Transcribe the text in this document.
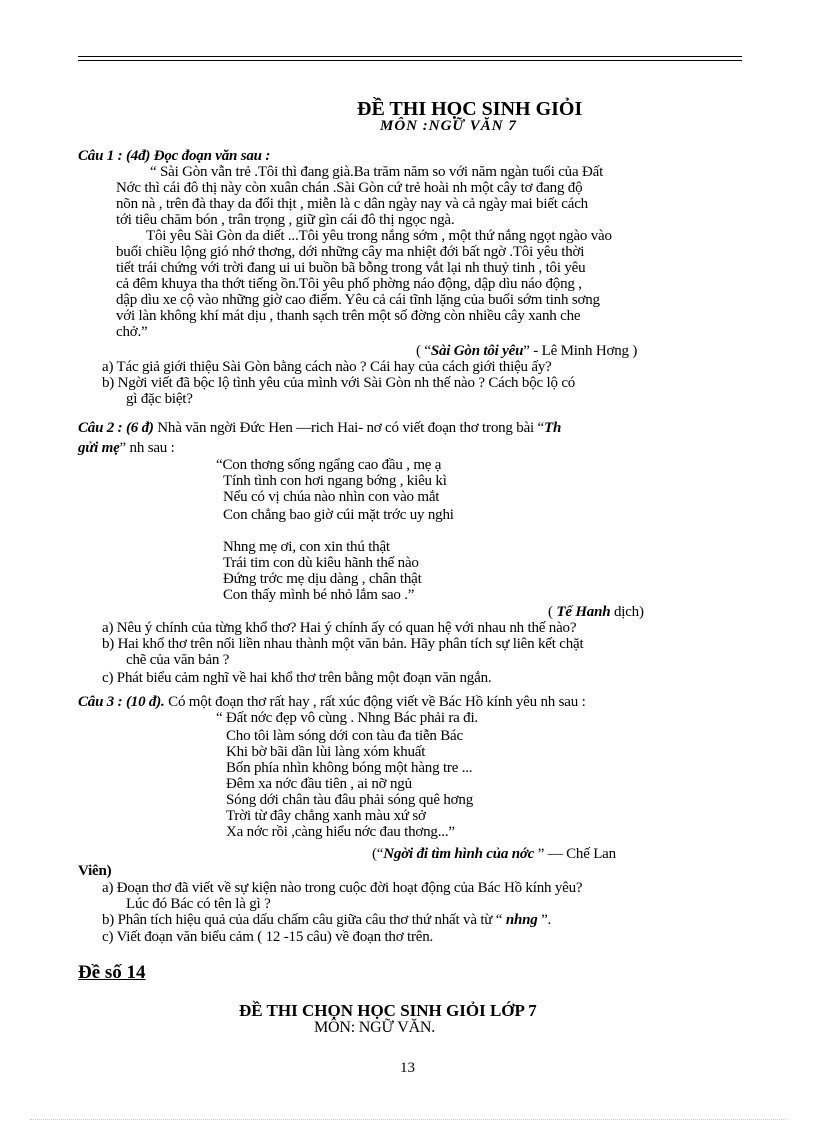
ĐỀ THI HỌC SINH GIỎI
MÔN :NGỮ VĂN 7
Câu 1 : (4đ) Đọc đoạn văn sau :
“ Sài Gòn vẫn trẻ .Tôi thì đang già.Ba trăm năm so với năm ngàn tuổi của Đất
Nớc thì cái đô thị này còn xuân chán .Sài Gòn cứ trẻ hoài nh một cây tơ đang độ
nõn nà , trên đà thay da đổi thịt , miễn là c dân ngày nay và cả ngày mai biết cách
tới tiêu chăm bón , trân trọng , giữ gìn cái đô thị ngọc ngà.
Tôi yêu Sài Gòn da diết ...Tôi yêu trong nắng sớm , một thứ nắng ngọt ngào vào
buổi chiều lộng gió nhớ thơng, dới những cây ma nhiệt đới bất ngờ .Tôi yêu thời
tiết trái chứng với trời đang ui ui buồn bã bỗng trong vắt lại nh thuỷ tinh , tôi yêu
cả đêm khuya tha thớt tiếng ồn.Tôi yêu phố phờng náo động, dập dìu náo động ,
dập dìu xe cộ vào những giờ cao điểm. Yêu cả cái tĩnh lặng của buổi sớm tinh sơng
với làn không khí mát dịu , thanh sạch trên một số đờng còn nhiều cây xanh che
chở.”
( “Sài Gòn tôi yêu” - Lê Minh Hơng )
a) Tác giả giới thiệu Sài Gòn bằng cách nào ? Cái hay của cách giới thiệu ấy?
b) Ngời viết đã bộc lộ tình yêu của mình với Sài Gòn nh thế nào ? Cách bộc lộ có
gì đặc biệt?
Câu 2 : (6 đ) Nhà văn ngời Đức Hen —rich Hai- nơ có viết đoạn thơ trong bài “Th
gửi mẹ” nh sau :
“Con thơng sống ngẩng cao đầu , mẹ ạ
Tính tình con hơi ngang bớng , kiêu kì
Nếu có vị chúa nào nhìn con vào mắt
Con chẳng bao giờ cúi mặt trớc uy nghi
Nhng mẹ ơi, con xin thú thật
Trái tim con dù kiêu hãnh thế nào
Đứng trớc mẹ dịu dàng , chân thật
Con thấy mình bé nhỏ lắm sao .”
( Tế Hanh dịch)
a) Nêu ý chính của từng khổ thơ? Hai ý chính ấy có quan hệ với nhau nh thế nào?
b) Hai khổ thơ trên nối liền nhau thành một văn bản. Hãy phân tích sự liên kết chặt
chẽ của văn bản ?
c) Phát biểu cảm nghĩ về hai khổ thơ trên bằng một đoạn văn ngắn.
Câu 3 : (10 đ). Có một đoạn thơ rất hay , rất xúc động viết về Bác Hồ kính yêu nh sau :
“ Đất nớc đẹp vô cùng . Nhng Bác phải ra đi.
Cho tôi làm sóng dới con tàu đa tiễn Bác
Khi bờ bãi dần lùi làng xóm khuất
Bốn phía nhìn không bóng một hàng tre ...
Đêm xa nớc đầu tiên , ai nỡ ngủ
Sóng dới chân tàu đâu phải sóng quê hơng
Trời từ đây chẳng xanh màu xứ sở
Xa nớc rồi ,càng hiểu nớc đau thơng...”
(“Ngời đi tìm hình của nớc ” — Chế Lan
Viên)
a) Đoạn thơ đã viết về sự kiện nào trong cuộc đời hoạt động của Bác Hồ kính yêu?
Lúc đó Bác có tên là gì ?
b) Phân tích hiệu quả của dấu chấm câu giữa câu thơ thứ nhất và từ “ nhng ”.
c) Viết đoạn văn biểu cảm ( 12 -15 câu) về đoạn thơ trên.
Đề số 14
ĐỀ THI CHỌN HỌC SINH GIỎI LỚP 7
MÔN: NGỮ VĂN.
13
